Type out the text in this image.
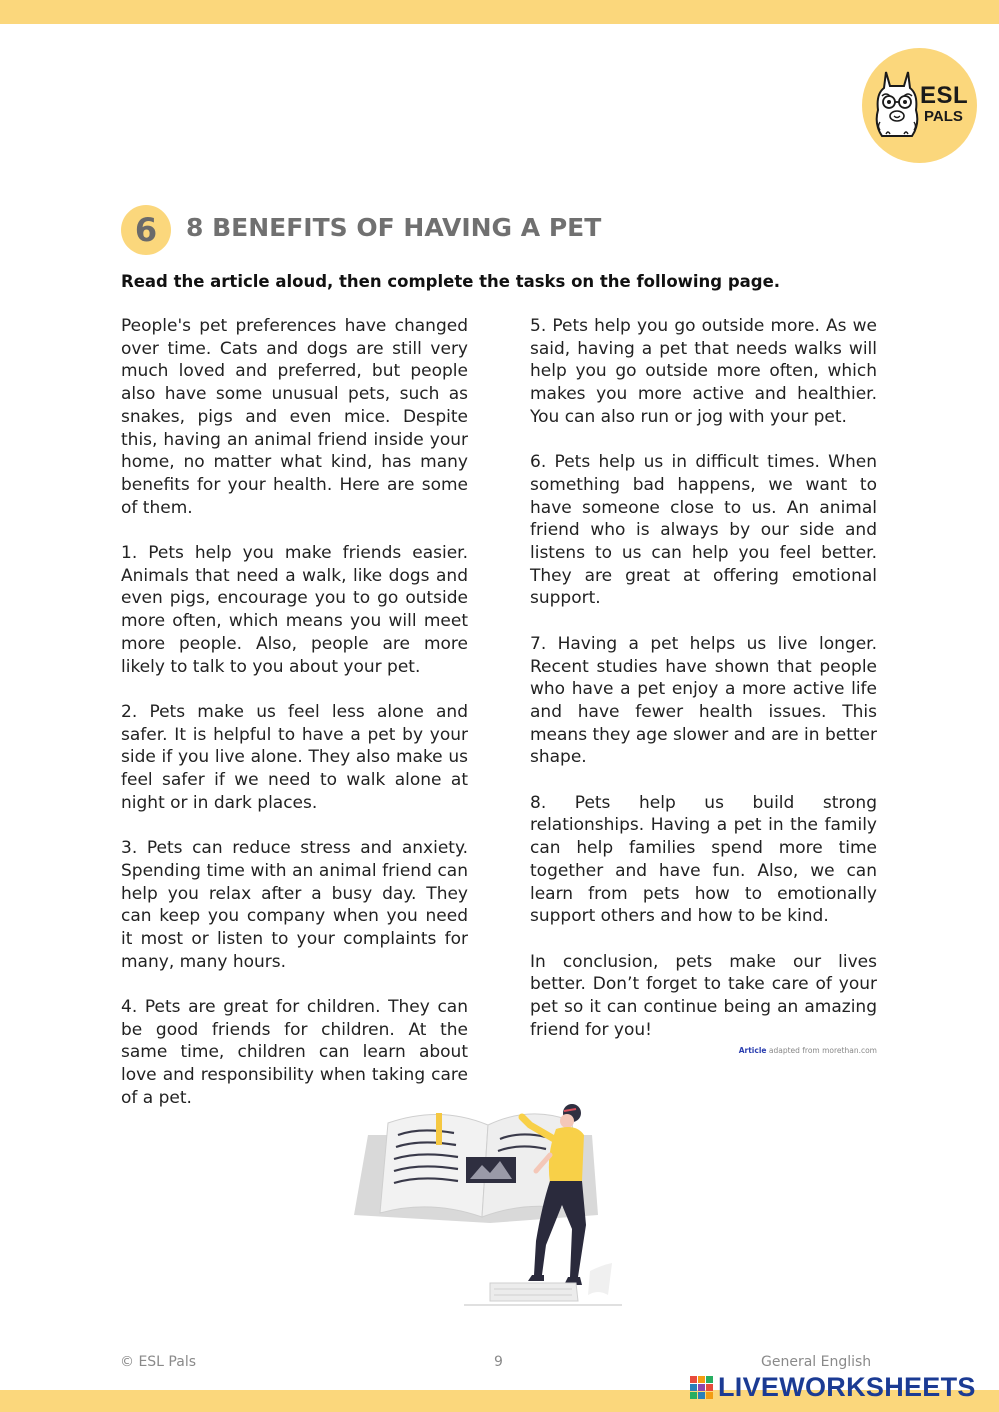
ESL
PALS
6	8 BENEFITS OF HAVING A PET
Read the article aloud, then complete the tasks on the following page.

People's pet preferences have changed over time. Cats and dogs are still very much loved and preferred, but people also have some unusual pets, such as snakes, pigs and even mice. Despite this, having an animal friend inside your home, no matter what kind, has many benefits for your health. Here are some of them.

1. Pets help you make friends easier. Animals that need a walk, like dogs and even pigs, encourage you to go outside more often, which means you will meet more people. Also, people are more likely to talk to you about your pet.

2. Pets make us feel less alone and safer. It is helpful to have a pet by your side if you live alone. They also make us feel safer if we need to walk alone at night or in dark places.

3. Pets can reduce stress and anxiety. Spending time with an animal friend can help you relax after a busy day. They can keep you company when you need it most or listen to your complaints for many, many hours.

4. Pets are great for children. They can be good friends for children. At the same time, children can learn about love and responsibility when taking care of a pet.

5. Pets help you go outside more. As we said, having a pet that needs walks will help you go outside more often, which makes you more active and healthier. You can also run or jog with your pet.

6. Pets help us in difficult times. When something bad happens, we want to have someone close to us. An animal friend who is always by our side and listens to us can help you feel better. They are great at offering emotional support.

7. Having a pet helps us live longer. Recent studies have shown that people who have a pet enjoy a more active life and have fewer health issues. This means they age slower and are in better shape.

8. Pets help us build strong relationships. Having a pet in the family can help families spend more time together and have fun. Also, we can learn from pets how to emotionally support others and how to be kind.

In conclusion, pets make our lives better. Don’t forget to take care of your pet so it can continue being an amazing friend for you!

Article adapted from morethan.com
© ESL Pals	9	General English
LIVEWORKSHEETS
